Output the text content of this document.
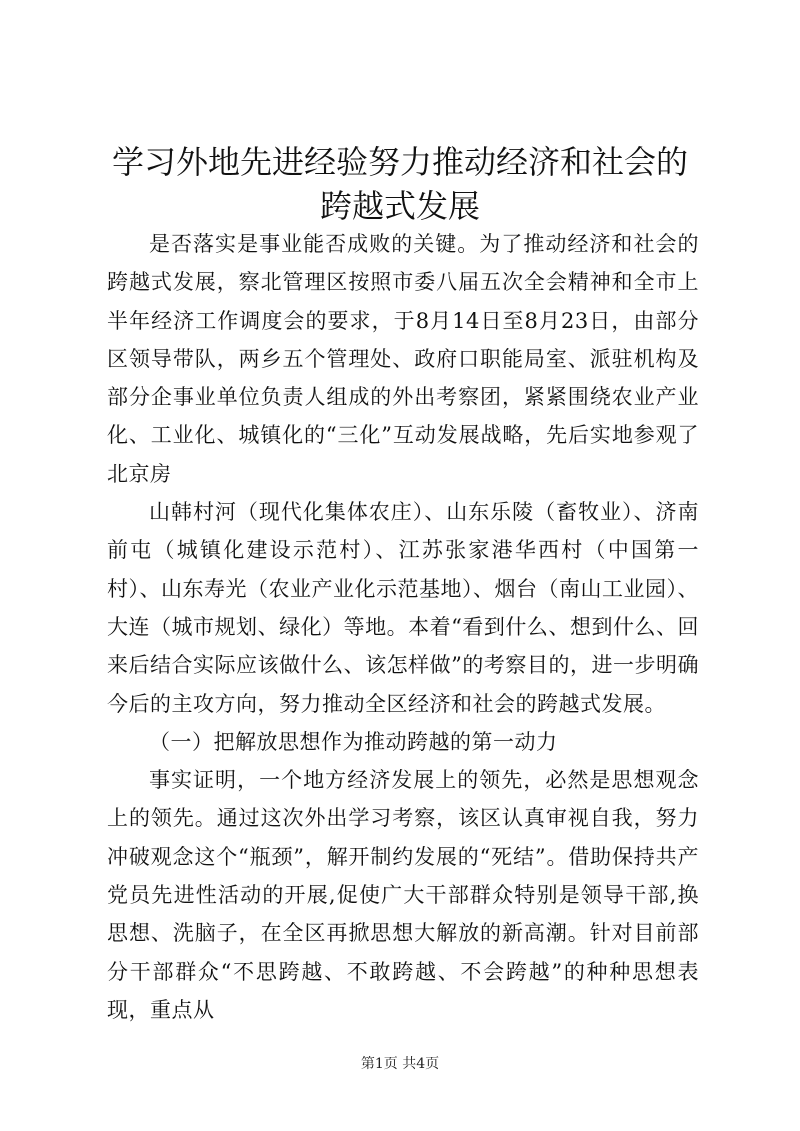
学习外地先进经验努力推动经济和社会的跨越式发展

是否落实是事业能否成败的关键。为了推动经济和社会的跨越式发展，察北管理区按照市委八届五次全会精神和全市上半年经济工作调度会的要求，于8月14日至8月23日，由部分区领导带队，两乡五个管理处、政府口职能局室、派驻机构及部分企事业单位负责人组成的外出考察团，紧紧围绕农业产业化、工业化、城镇化的“三化”互动发展战略，先后实地参观了北京房

山韩村河（现代化集体农庄）、山东乐陵（畜牧业）、济南前屯（城镇化建设示范村）、江苏张家港华西村（中国第一村）、山东寿光（农业产业化示范基地）、烟台（南山工业园）、大连（城市规划、绿化）等地。本着“看到什么、想到什么、回来后结合实际应该做什么、该怎样做”的考察目的，进一步明确今后的主攻方向，努力推动全区经济和社会的跨越式发展。

（一）把解放思想作为推动跨越的第一动力

事实证明，一个地方经济发展上的领先，必然是思想观念上的领先。通过这次外出学习考察，该区认真审视自我，努力冲破观念这个“瓶颈”，解开制约发展的“死结”。借助保持共产党员先进性活动的开展,促使广大干部群众特别是领导干部,换思想、洗脑子，在全区再掀思想大解放的新高潮。针对目前部分干部群众“不思跨越、不敢跨越、不会跨越”的种种思想表现，重点从

第1页 共4页
